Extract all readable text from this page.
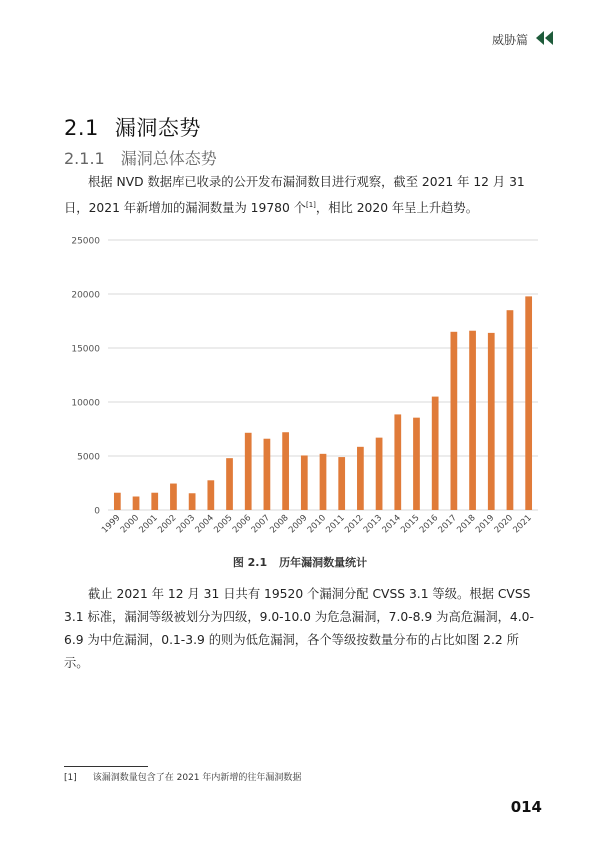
威胁篇
2.1 漏洞态势
2.1.1 漏洞总体态势
根据 NVD 数据库已收录的公开发布漏洞数目进行观察，截至 2021 年 12 月 31 日，2021 年新增加的漏洞数量为 19780 个[1]，相比 2020 年呈上升趋势。
0
5000
10000
15000
20000
25000
1999
2000
2001
2002
2003
2004
2005
2006
2007
2008
2009
2010
2011
2012
2013
2014
2015
2016
2017
2018
2019
2020
2021
图 2.1 历年漏洞数量统计
截止 2021 年 12 月 31 日共有 19520 个漏洞分配 CVSS 3.1 等级。根据 CVSS 3.1 标准，漏洞等级被划分为四级，9.0-10.0 为危急漏洞，7.0-8.9 为高危漏洞，4.0-6.9 为中危漏洞，0.1-3.9 的则为低危漏洞，各个等级按数量分布的占比如图 2.2 所示。
[1] 该漏洞数量包含了在 2021 年内新增的往年漏洞数据
014
